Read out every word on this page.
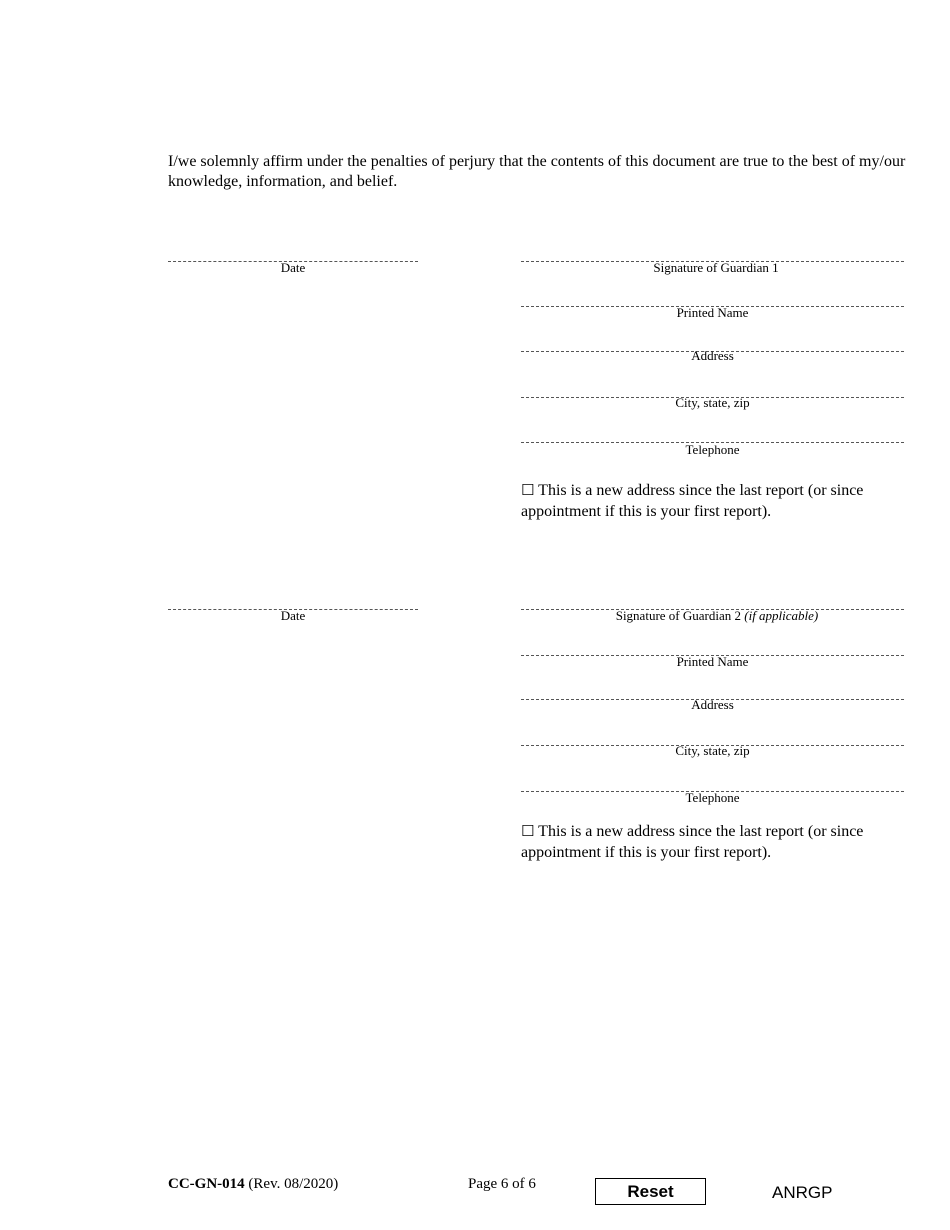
I/we solemnly affirm under the penalties of perjury that the contents of this document are true to the best of my/our knowledge, information, and belief.
Date	Signature of Guardian 1
Printed Name
Address
City, state, zip
Telephone
☐ This is a new address since the last report (or since appointment if this is your first report).
Date	Signature of Guardian 2 (if applicable)
Printed Name
Address
City, state, zip
Telephone
☐ This is a new address since the last report (or since appointment if this is your first report).
CC-GN-014 (Rev. 08/2020)	Page 6 of 6	Reset	ANRGP
